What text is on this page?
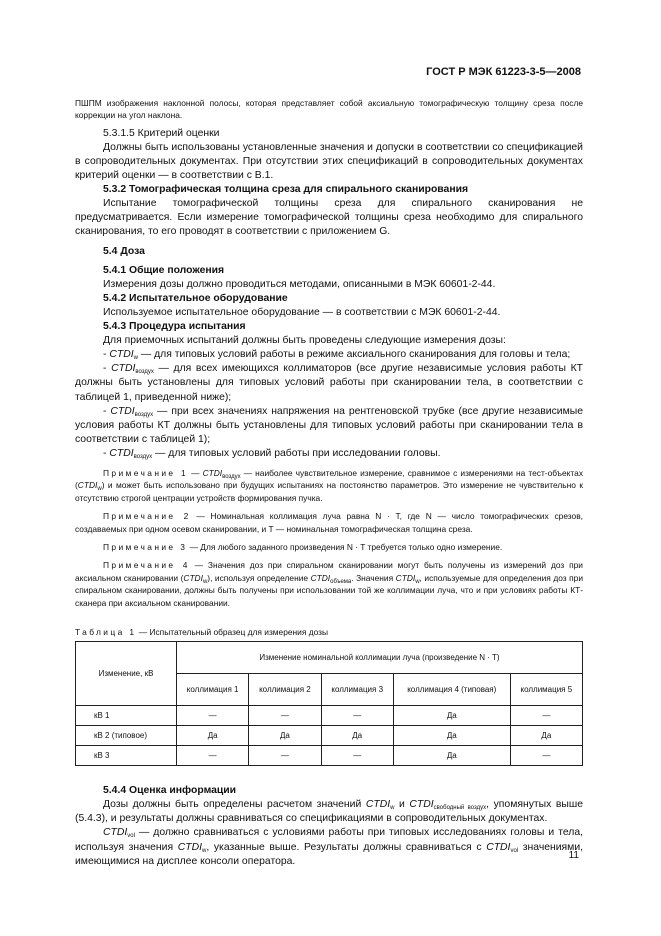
ГОСТ Р МЭК 61223-3-5—2008

ПШПМ изображения наклонной полосы, которая представляет собой аксиальную томографическую толщину среза после коррекции на угол наклона.

5.3.1.5 Критерий оценки

Должны быть использованы установленные значения и допуски в соответствии со спецификацией в сопроводительных документах. При отсутствии этих спецификаций в сопроводительных документах критерий оценки — в соответствии с В.1.

5.3.2 Томографическая толщина среза для спирального сканирования

Испытание томографической толщины среза для спирального сканирования не предусматривается. Если измерение томографической толщины среза необходимо для спирального сканирования, то его проводят в соответствии с приложением G.

5.4 Доза

5.4.1 Общие положения

Измерения дозы должно проводиться методами, описанными в МЭК 60601-2-44.

5.4.2 Испытательное оборудование

Используемое испытательное оборудование — в соответствии с МЭК 60601-2-44.

5.4.3 Процедура испытания

Для приемочных испытаний должны быть проведены следующие измерения дозы:

- $CTDI_w$ — для типовых условий работы в режиме аксиального сканирования для головы и тела;

- $CTDI_{воздух}$ — для всех имеющихся коллиматоров (все другие независимые условия работы КТ должны быть установлены для типовых условий работы при сканировании тела, в соответствии с таблицей 1, приведенной ниже);

- $CTDI_{воздух}$ — при всех значениях напряжения на рентгеновской трубке (все другие независимые условия работы КТ должны быть установлены для типовых условий работы при сканировании тела в соответствии с таблицей 1);

- $CTDI_{воздух}$ — для типовых условий работы при исследовании головы.

Примечание 1 — $CTDI_{воздух}$ — наиболее чувствительное измерение, сравнимое с измерениями на тест-объектах $(CTDI_w)$ и может быть использовано при будущих испытаниях на постоянство параметров. Это измерение не чувствительно к отсутствию строгой центрации устройств формирования пучка.

Примечание 2 — Номинальная коллимация луча равна N · T, где N — число томографических срезов, создаваемых при одном осевом сканировании, и T — номинальная томографическая толщина среза.

Примечание 3 — Для любого заданного произведения N · T требуется только одно измерение.

Примечание 4 — Значения доз при спиральном сканировании могут быть получены из измерений доз при аксиальном сканировании $(CTDI_w)$, используя определение $CTDI_{объема}$. Значения $CTDI_w$, используемые для определения доз при спиральном сканировании, должны быть получены при использовании той же коллимации луча, что и при условиях работы КТ-сканера при аксиальном сканировании.

Таблица 1 — Испытательный образец для измерения дозы
Изменение, кВ	Изменение номинальной коллимации луча (произведение N · T)				
	коллимация 1	коллимация 2	коллимация 3	коллимация 4 (типовая)	коллимация 5
кВ 1	—	—	—	Да	—
кВ 2 (типовое)	Да	Да	Да	Да	Да
кВ 3	—	—	—	Да	—

5.4.4 Оценка информации

Дозы должны быть определены расчетом значений $CTDI_w$ и $CTDI_{свободный воздух}$, упомянутых выше (5.4.3), и результаты должны сравниваться со спецификациями в сопроводительных документах.

$CTDI_{vol}$ — должно сравниваться с условиями работы при типовых исследованиях головы и тела, используя значения $CTDI_w$, указанные выше. Результаты должны сравниваться с $CTDI_{vol}$ значениями, имеющимися на дисплее консоли оператора.

11
